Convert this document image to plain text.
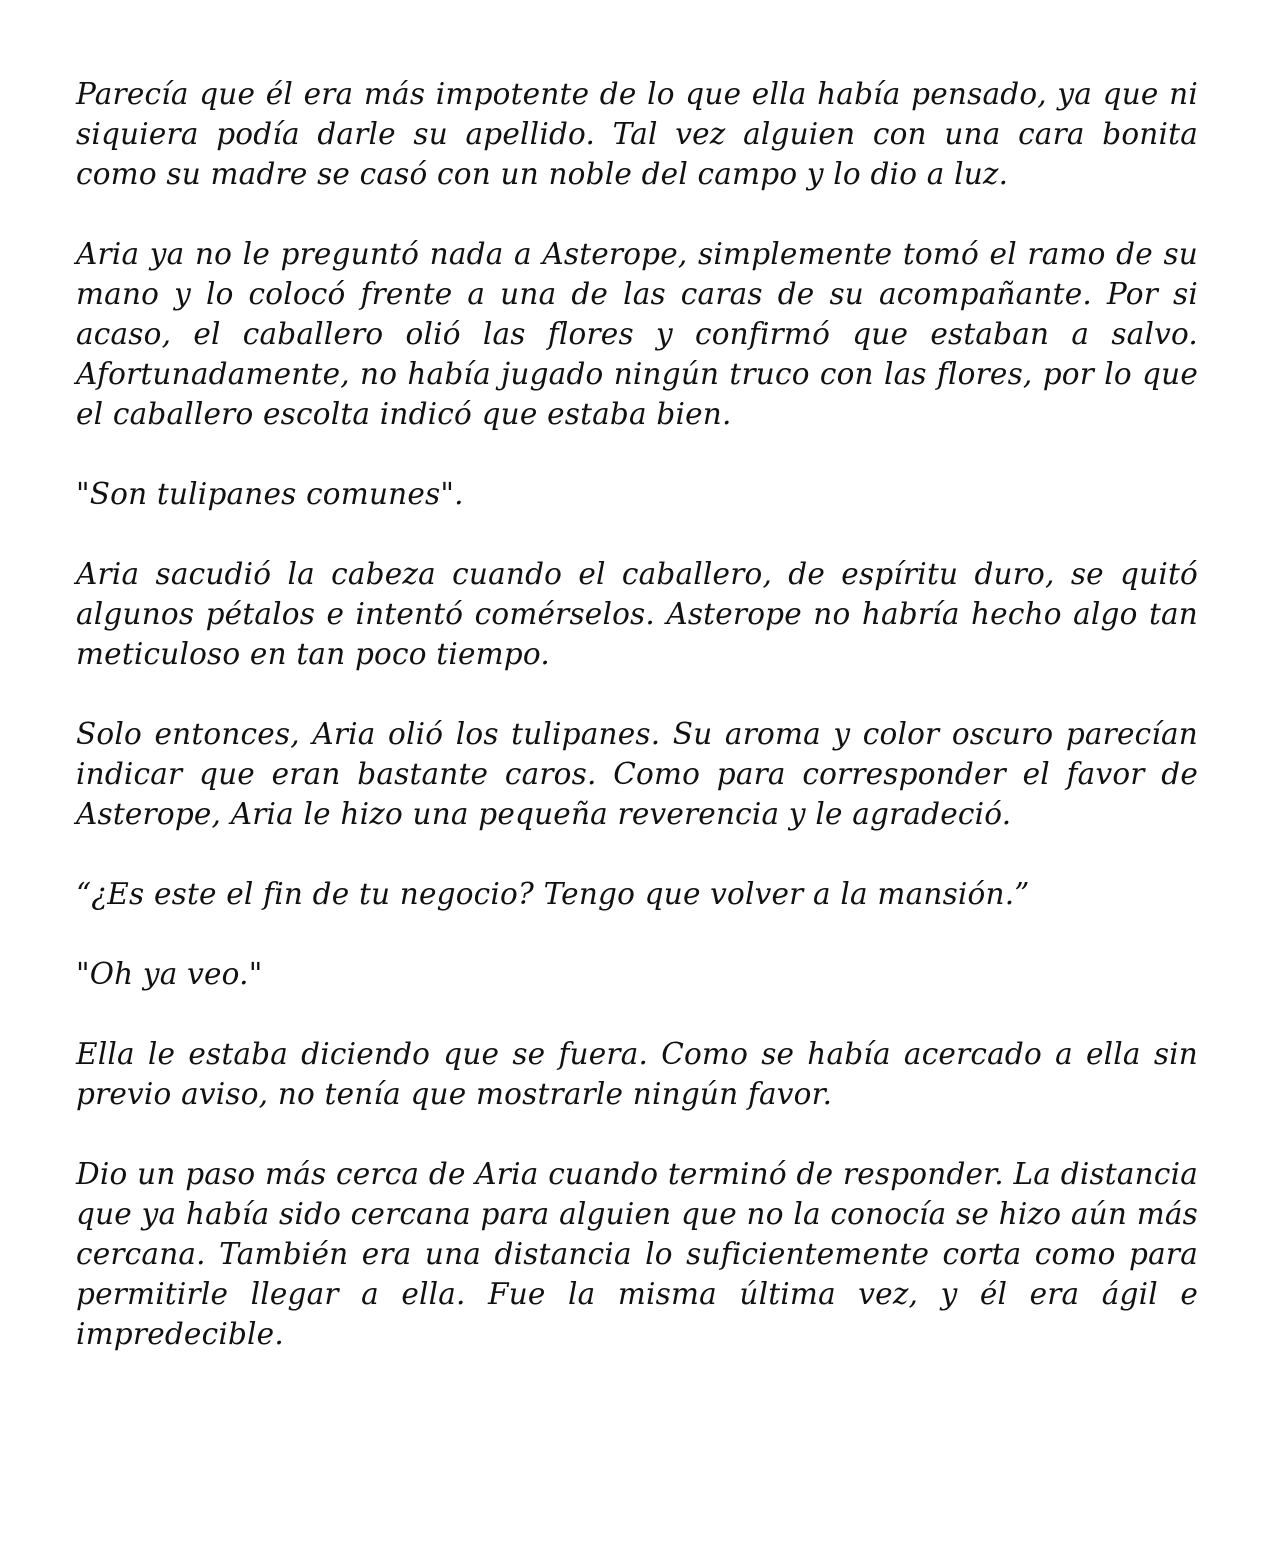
Parecía que él era más impotente de lo que ella había pensado, ya que ni siquiera podía darle su apellido. Tal vez alguien con una cara bonita como su madre se casó con un noble del campo y lo dio a luz.

Aria ya no le preguntó nada a Asterope, simplemente tomó el ramo de su mano y lo colocó frente a una de las caras de su acompañante. Por si acaso, el caballero olió las flores y confirmó que estaban a salvo. Afortunadamente, no había jugado ningún truco con las flores, por lo que el caballero escolta indicó que estaba bien.

"Son tulipanes comunes".

Aria sacudió la cabeza cuando el caballero, de espíritu duro, se quitó algunos pétalos e intentó comérselos. Asterope no habría hecho algo tan meticuloso en tan poco tiempo.

Solo entonces, Aria olió los tulipanes. Su aroma y color oscuro parecían indicar que eran bastante caros. Como para corresponder el favor de Asterope, Aria le hizo una pequeña reverencia y le agradeció.

“¿Es este el fin de tu negocio? Tengo que volver a la mansión.”

"Oh ya veo."

Ella le estaba diciendo que se fuera. Como se había acercado a ella sin previo aviso, no tenía que mostrarle ningún favor.

Dio un paso más cerca de Aria cuando terminó de responder. La distancia que ya había sido cercana para alguien que no la conocía se hizo aún más cercana. También era una distancia lo suficientemente corta como para permitirle llegar a ella. Fue la misma última vez, y él era ágil e impredecible.
